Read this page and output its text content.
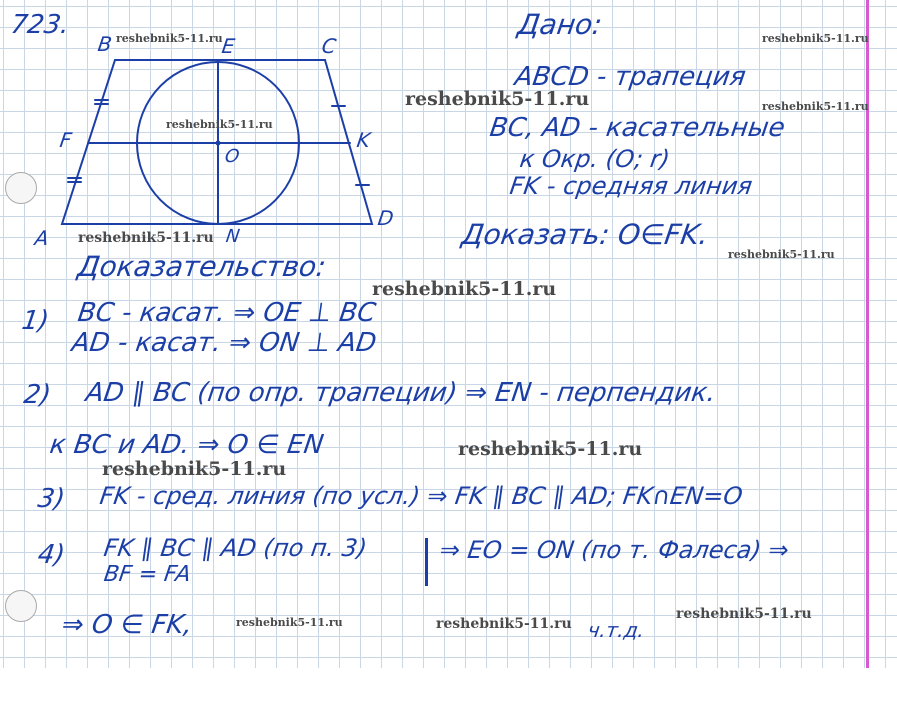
723.
B	E	C
F	K
O
A	N
D
Дано:
ABCD - трапеция
BC, AD - касательные
к Окр. (O; r)
FK - средняя линия
Доказать: O∈FK.
Доказательство:
1) BC - касат. ⇒ OE ⊥ BC
AD - касат. ⇒ ON ⊥ AD
2) AD ∥ BC (по опр. трапеции) ⇒ EN - перпендик.
к BC и AD. ⇒ O ∈ EN
3) FK - сред. линия (по усл.) ⇒ FK ∥ BC ∥ AD; FK∩EN=O
4) FK ∥ BC ∥ AD (по п. 3)
BF = FA
⇒ EO = ON (по т. Фалеса) ⇒
⇒ O ∈ FK,	ч.т.д.
reshebnik5-11.ru	reshebnik5-11.ru
reshebnik5-11.ru	reshebnik5-11.ru
reshebnik5-11.ru
reshebnik5-11.ru
reshebnik5-11.ru
reshebnik5-11.ru
reshebnik5-11.ru
reshebnik5-11.ru
reshebnik5-11.ru	reshebnik5-11.ru
reshebnik5-11.ru
